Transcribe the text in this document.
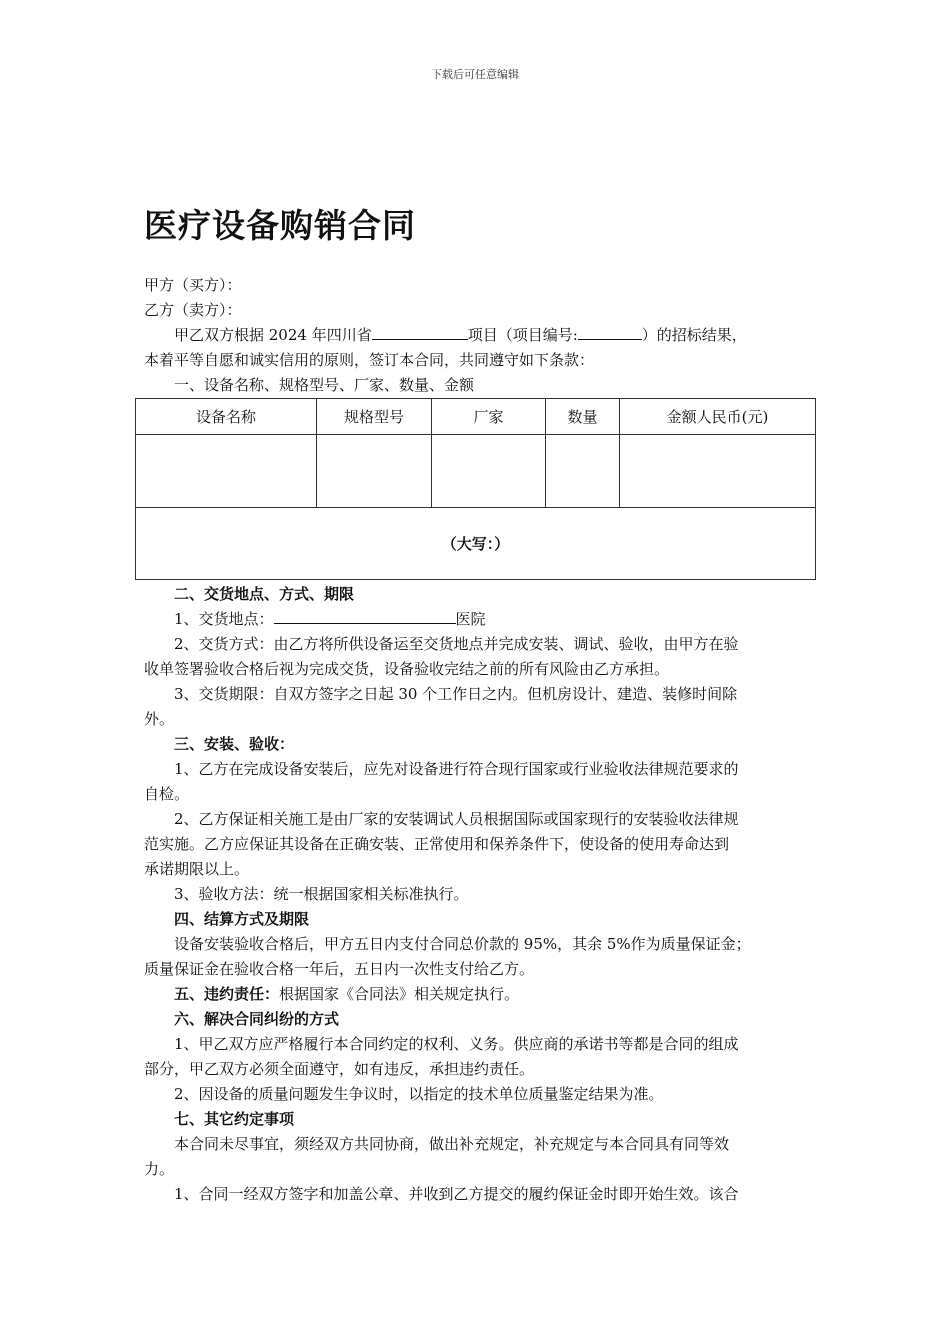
下载后可任意编辑
医疗设备购销合同
甲方（买方）：
乙方（卖方）：
甲乙双方根据 2024 年四川省	项目（项目编号:	）的招标结果，
本着平等自愿和诚实信用的原则，签订本合同，共同遵守如下条款：
一、设备名称、规格型号、厂家、数量、金额
设备名称	规格型号	厂家	数量	金额人民币(元)

（大写：）				
二、交货地点、方式、期限
1、交货地点：	医院
2、交货方式：由乙方将所供设备运至交货地点并完成安装、调试、验收，由甲方在验
收单签署验收合格后视为完成交货，设备验收完结之前的所有风险由乙方承担。
3、交货期限：自双方签字之日起 30 个工作日之内。但机房设计、建造、装修时间除
外。
三、安装、验收：
1、乙方在完成设备安装后，应先对设备进行符合现行国家或行业验收法律规范要求的
自检。
2、乙方保证相关施工是由厂家的安装调试人员根据国际或国家现行的安装验收法律规
范实施。乙方应保证其设备在正确安装、正常使用和保养条件下，使设备的使用寿命达到
承诺期限以上。
3、验收方法：统一根据国家相关标准执行。
四、结算方式及期限
设备安装验收合格后，甲方五日内支付合同总价款的 95%，其余 5%作为质量保证金；
质量保证金在验收合格一年后，五日内一次性支付给乙方。
五、违约责任：根据国家《合同法》相关规定执行。
六、解决合同纠纷的方式
1、甲乙双方应严格履行本合同约定的权利、义务。供应商的承诺书等都是合同的组成
部分，甲乙双方必须全面遵守，如有违反，承担违约责任。
2、因设备的质量问题发生争议时，以指定的技术单位质量鉴定结果为准。
七、其它约定事项
本合同未尽事宜，须经双方共同协商，做出补充规定，补充规定与本合同具有同等效
力。
1、合同一经双方签字和加盖公章、并收到乙方提交的履约保证金时即开始生效。该合
